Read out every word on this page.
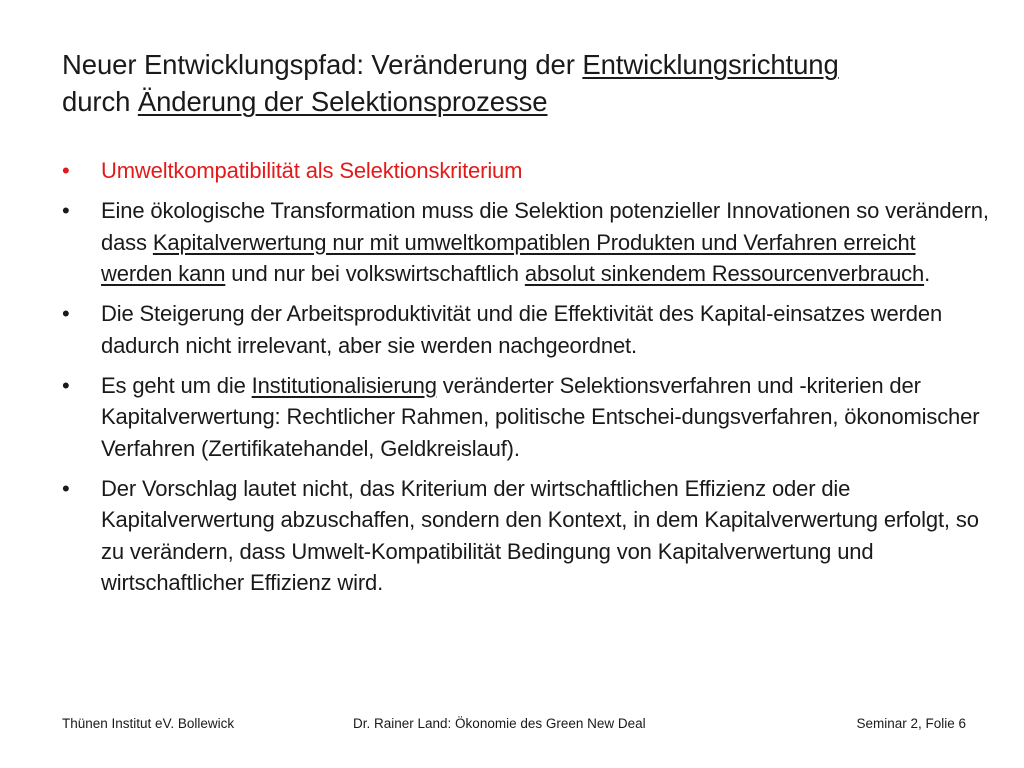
Neuer Entwicklungspfad: Veränderung der Entwicklungsrichtung
durch Änderung der Selektionsprozesse
• Umweltkompatibilität als Selektionskriterium
• Eine ökologische Transformation muss die Selektion potenzieller Innovationen so verändern, dass Kapitalverwertung nur mit umweltkompatiblen Produkten und Verfahren erreicht werden kann und nur bei volkswirtschaftlich absolut sinkendem Ressourcenverbrauch.
• Die Steigerung der Arbeitsproduktivität und die Effektivität des Kapital-einsatzes werden dadurch nicht irrelevant, aber sie werden nachgeordnet.
• Es geht um die Institutionalisierung veränderter Selektionsverfahren und -kriterien der Kapitalverwertung: Rechtlicher Rahmen, politische Entschei-dungsverfahren, ökonomischer Verfahren (Zertifikatehandel, Geldkreislauf).
• Der Vorschlag lautet nicht, das Kriterium der wirtschaftlichen Effizienz oder die Kapitalverwertung abzuschaffen, sondern den Kontext, in dem Kapitalverwertung erfolgt, so zu verändern, dass Umwelt-Kompatibilität Bedingung von Kapitalverwertung und wirtschaftlicher Effizienz wird.
Thünen Institut eV. Bollewick	Dr. Rainer Land: Ökonomie des Green New Deal	Seminar 2, Folie 6
